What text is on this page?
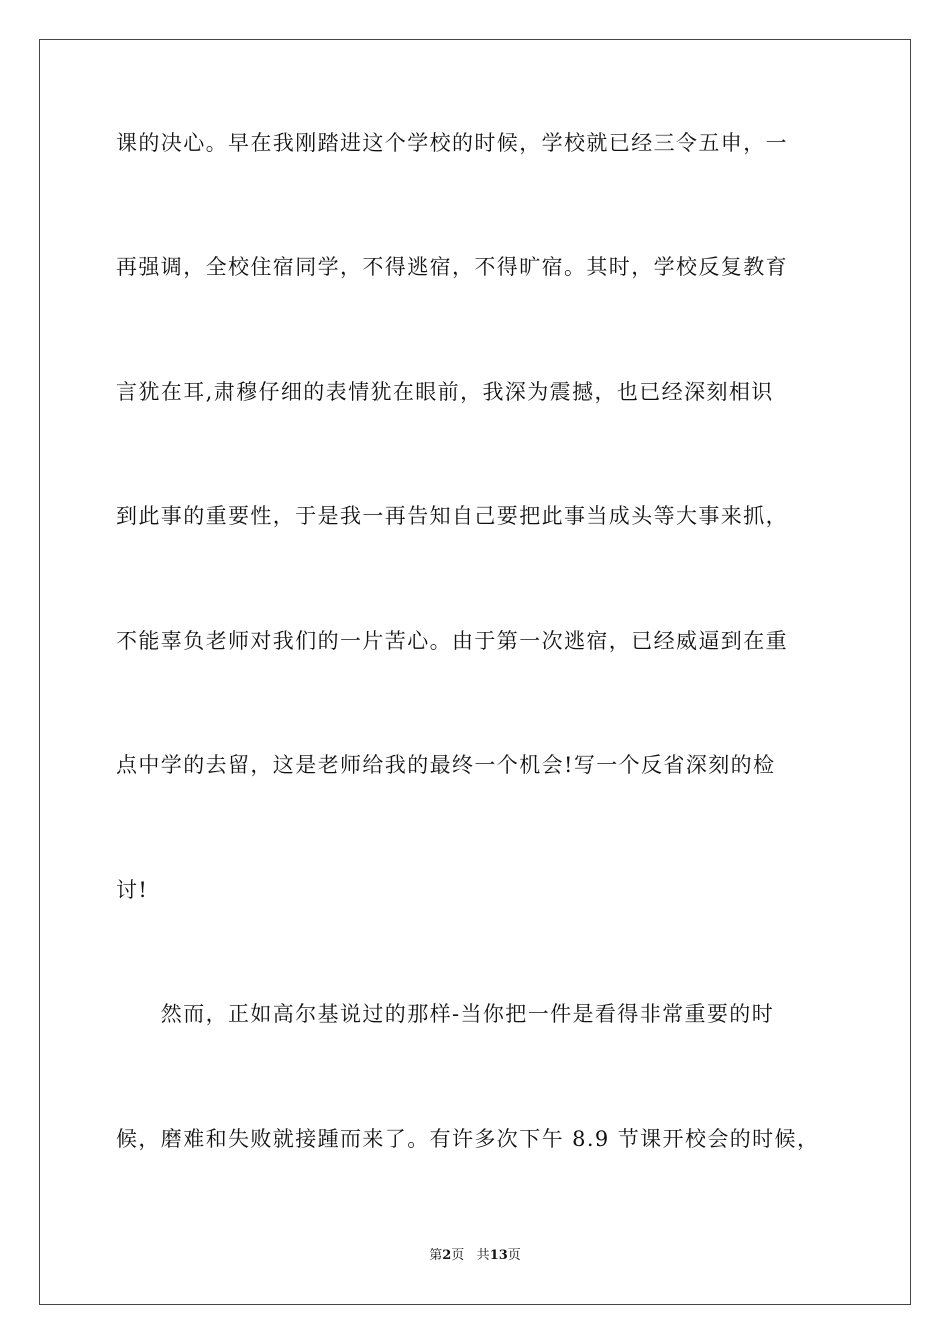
课的决心。早在我刚踏进这个学校的时候，学校就已经三令五申，一

再强调，全校住宿同学，不得逃宿，不得旷宿。其时，学校反复教育

言犹在耳,肃穆仔细的表情犹在眼前，我深为震撼，也已经深刻相识

到此事的重要性，于是我一再告知自己要把此事当成头等大事来抓，

不能辜负老师对我们的一片苦心。由于第一次逃宿，已经威逼到在重

点中学的去留，这是老师给我的最终一个机会!写一个反省深刻的检

讨!

　　然而，正如高尔基说过的那样-当你把一件是看得非常重要的时

候，磨难和失败就接踵而来了。有许多次下午 8.9 节课开校会的时候，

第2页 共13页
